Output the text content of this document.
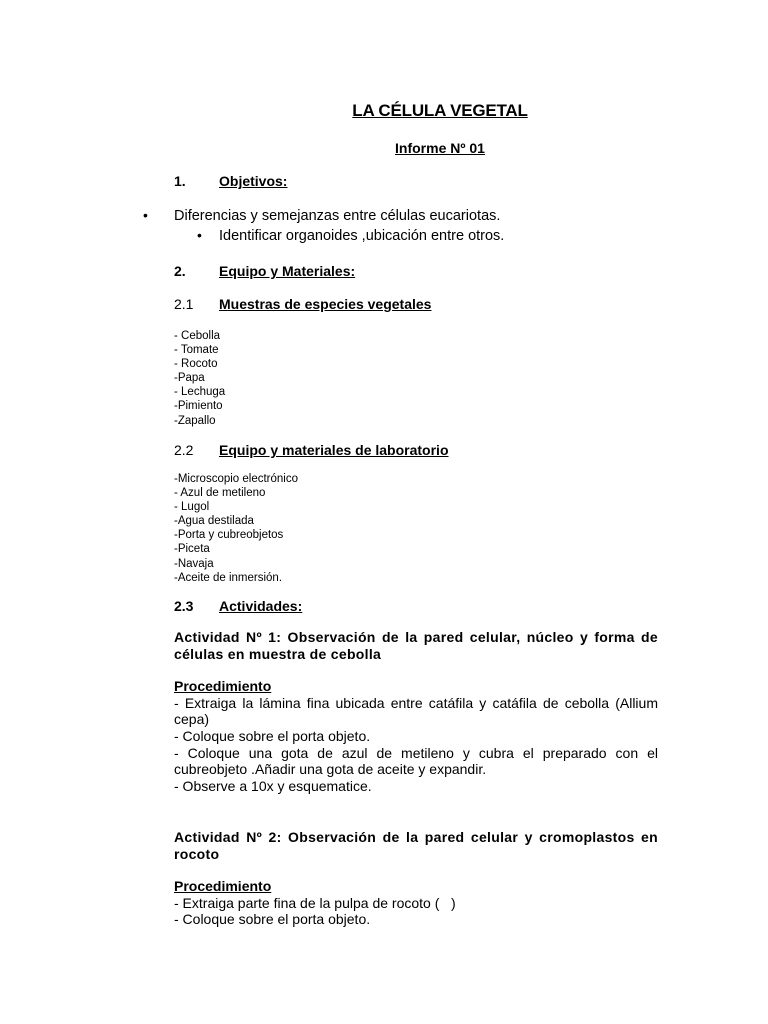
LA CÉLULA VEGETAL
Informe Nº 01
1. Objetivos:
• Diferencias y semejanzas entre células eucariotas.
• Identificar organoides ,ubicación entre otros.
2. Equipo y Materiales:
2.1 Muestras de especies vegetales
- Cebolla
- Tomate
- Rocoto
-Papa
- Lechuga
-Pimiento
-Zapallo
2.2 Equipo y materiales de laboratorio
-Microscopio electrónico
- Azul de metileno
- Lugol
-Agua destilada
-Porta y cubreobjetos
-Piceta
-Navaja
-Aceite de inmersión.
2.3 Actividades:
Actividad Nº 1: Observación de la pared celular, núcleo y forma de células en muestra de cebolla
Procedimiento
- Extraiga la lámina fina ubicada entre catáfila y catáfila de cebolla (Allium cepa)
- Coloque sobre el porta objeto.
- Coloque una gota de azul de metileno y cubra el preparado con el cubreobjeto .Añadir una gota de aceite y expandir.
- Observe a 10x y esquematice.
Actividad Nº 2: Observación de la pared celular y cromoplastos en rocoto
Procedimiento
- Extraiga parte fina de la pulpa de rocoto (   )
- Coloque sobre el porta objeto.
